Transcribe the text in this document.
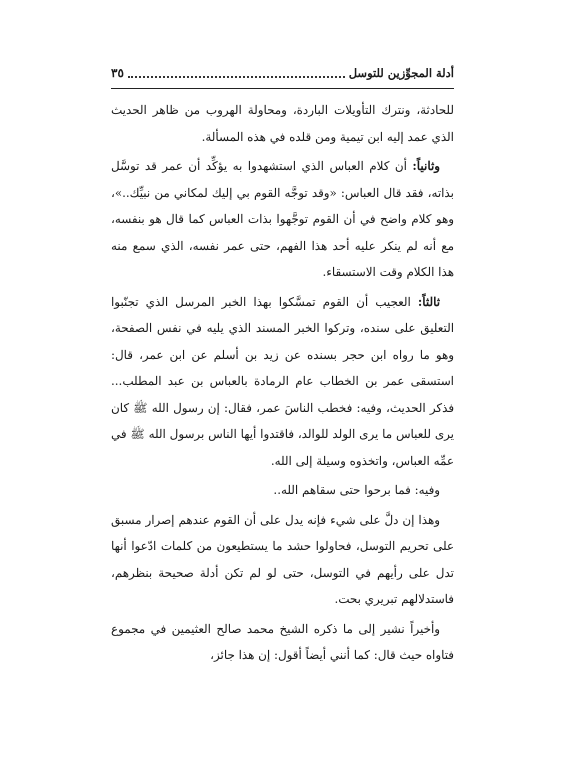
أدلة المجوِّزين للتوسل
٣٥

للحادثة، ونترك التأويلات الباردة، ومحاولة الهروب من ظاهر الحديث الذي عمد إليه ابن تيمية ومن قلده في هذه المسألة.

وثانياً: أن كلام العباس الذي استشهدوا به يؤكِّد أن عمر قد توسَّل بذاته، فقد قال العباس: «وقد توجَّه القوم بي إليك لمكاني من نبيِّك..»، وهو كلام واضح في أن القوم توجَّهوا بذات العباس كما قال هو بنفسه، مع أنه لم ينكر عليه أحد هذا الفهم، حتى عمر نفسه، الذي سمع منه هذا الكلام وقت الاستسقاء.

ثالثاً: العجيب أن القوم تمسَّكوا بهذا الخبر المرسل الذي تجنّبوا التعليق على سنده، وتركوا الخبر المسند الذي يليه في نفس الصفحة، وهو ما رواه ابن حجر بسنده عن زيد بن أسلم عن ابن عمر، قال: استسقى عمر بن الخطاب عام الرمادة بالعباس بن عبد المطلب... فذكر الحديث، وفيه: فخطب الناسَ عمر، فقال: إن رسول الله ﷺ كان يرى للعباس ما يرى الولد للوالد، فاقتدوا أيها الناس برسول الله ﷺ في عمِّه العباس، واتخذوه وسيلة إلى الله.

وفيه: فما برحوا حتى سقاهم الله..

وهذا إن دلَّ على شيء فإنه يدل على أن القوم عندهم إصرار مسبق على تحريم التوسل، فحاولوا حشد ما يستطيعون من كلمات ادّعوا أنها تدل على رأيهم في التوسل، حتى لو لم تكن أدلة صحيحة بنظرهم، فاستدلالهم تبريري بحت.

وأخيراً نشير إلى ما ذكره الشيخ محمد صالح العثيمين في مجموع فتاواه حيث قال: كما أنني أيضاً أقول: إن هذا جائز،
